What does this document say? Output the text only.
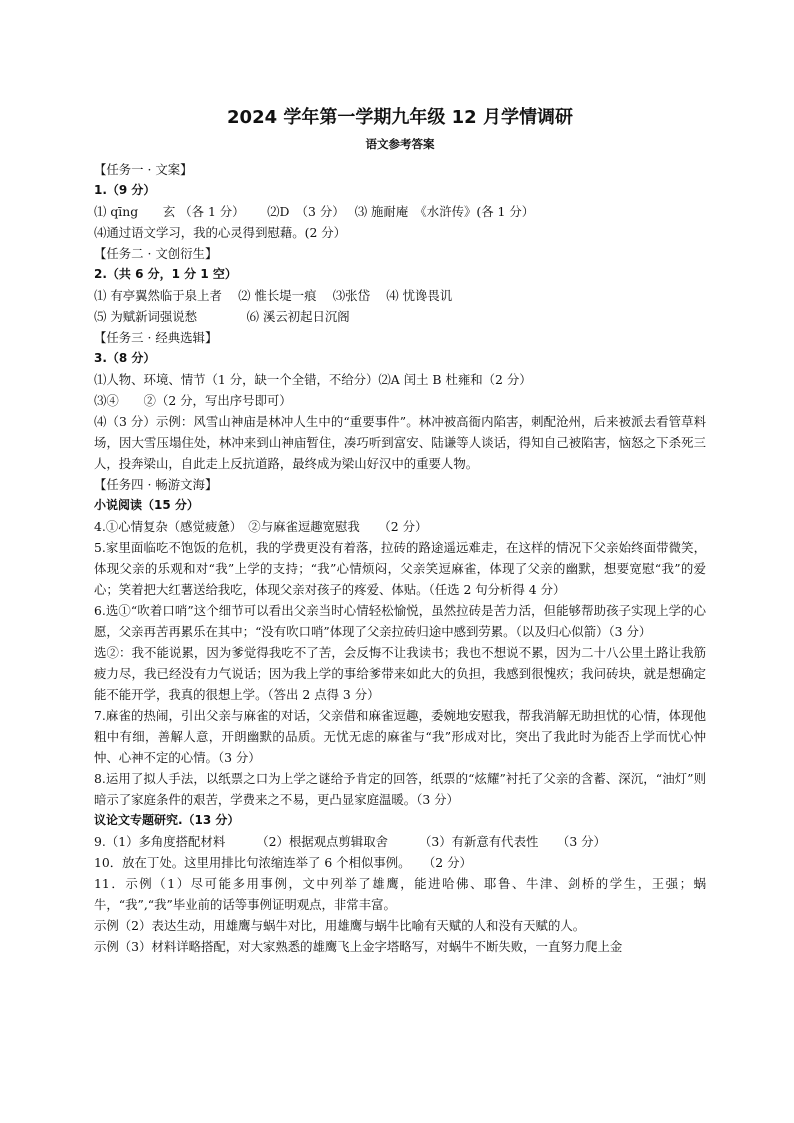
2024 学年第一学期九年级 12 月学情调研
语文参考答案
【任务一 · 文案】
1.（9 分）
⑴ qīng　　玄 （各 1 分）　　 ⑵D　（3 分）　 ⑶ 施耐庵　《水浒传》(各 1 分）
⑷通过语文学习，我的心灵得到慰藉。(2 分）
【任务二 · 文创衍生】
2.（共 6 分，1 分 1 空）
⑴ 有亭翼然临于泉上者　 ⑵ 惟长堤一痕　 ⑶张岱　 ⑷ 忧谗畏讥
⑸ 为赋新词强说愁　　　　⑹ 溪云初起日沉阁
【任务三 · 经典选辑】
3.（8 分）
⑴人物、环境、情节（1 分，缺一个全错，不给分）⑵A 闰土 B 杜雍和（2 分）
⑶④　　②（2 分，写出序号即可）
⑷（3 分）示例：风雪山神庙是林冲人生中的“重要事件”。林冲被高衙内陷害，刺配沧州，后来被派去看管草料场，因大雪压塌住处，林冲来到山神庙暂住，凑巧听到富安、陆谦等人谈话，得知自己被陷害，恼怒之下杀死三人，投奔梁山，自此走上反抗道路，最终成为梁山好汉中的重要人物。
【任务四 · 畅游文海】
小说阅读（15 分）
4.①心情复杂（感觉疲惫）　②与麻雀逗趣宽慰我　　（2 分）
5.家里面临吃不饱饭的危机，我的学费更没有着落，拉砖的路途遥远难走，在这样的情况下父亲始终面带微笑，体现父亲的乐观和对“我”上学的支持；“我”心情烦闷，父亲笑逗麻雀，体现了父亲的幽默，想要宽慰“我”的爱心；笑着把大红薯送给我吃，体现父亲对孩子的疼爱、体贴。（任选 2 句分析得 4 分）
6.选①“吹着口哨”这个细节可以看出父亲当时心情轻松愉悦，虽然拉砖是苦力活，但能够帮助孩子实现上学的心愿，父亲再苦再累乐在其中；“没有吹口哨”体现了父亲拉砖归途中感到劳累。（以及归心似箭）（3 分）
选②：我不能说累，因为爹觉得我吃不了苦，会反悔不让我读书；我也不想说不累，因为二十八公里土路让我筋疲力尽，我已经没有力气说话；因为我上学的事给爹带来如此大的负担，我感到很愧疚；我问砖块，就是想确定能不能开学，我真的很想上学。（答出 2 点得 3 分）
7.麻雀的热闹，引出父亲与麻雀的对话，父亲借和麻雀逗趣，委婉地安慰我，帮我消解无助担忧的心情，体现他粗中有细，善解人意，开朗幽默的品质。无忧无虑的麻雀与“我”形成对比，突出了我此时为能否上学而忧心忡忡、心神不定的心情。（3 分）
8.运用了拟人手法，以纸票之口为上学之谜给予肯定的回答，纸票的“炫耀”衬托了父亲的含蓄、深沉，“油灯”则暗示了家庭条件的艰苦，学费来之不易，更凸显家庭温暖。（3 分）
议论文专题研究.（13 分）
9.（1）多角度搭配材料　　　（2）根据观点剪辑取舍　　　（3）有新意有代表性　　（3 分）
10．放在丁处。这里用排比句浓缩连举了 6 个相似事例。　　（2 分）
11．示例（1）尽可能多用事例，文中列举了雄鹰，能进哈佛、耶鲁、牛津、剑桥的学生，王强；蜗牛，“我”,“我”毕业前的话等事例证明观点，非常丰富。
示例（2）表达生动，用雄鹰与蜗牛对比，用雄鹰与蜗牛比喻有天赋的人和没有天赋的人。
示例（3）材料详略搭配，对大家熟悉的雄鹰飞上金字塔略写，对蜗牛不断失败，一直努力爬上金
